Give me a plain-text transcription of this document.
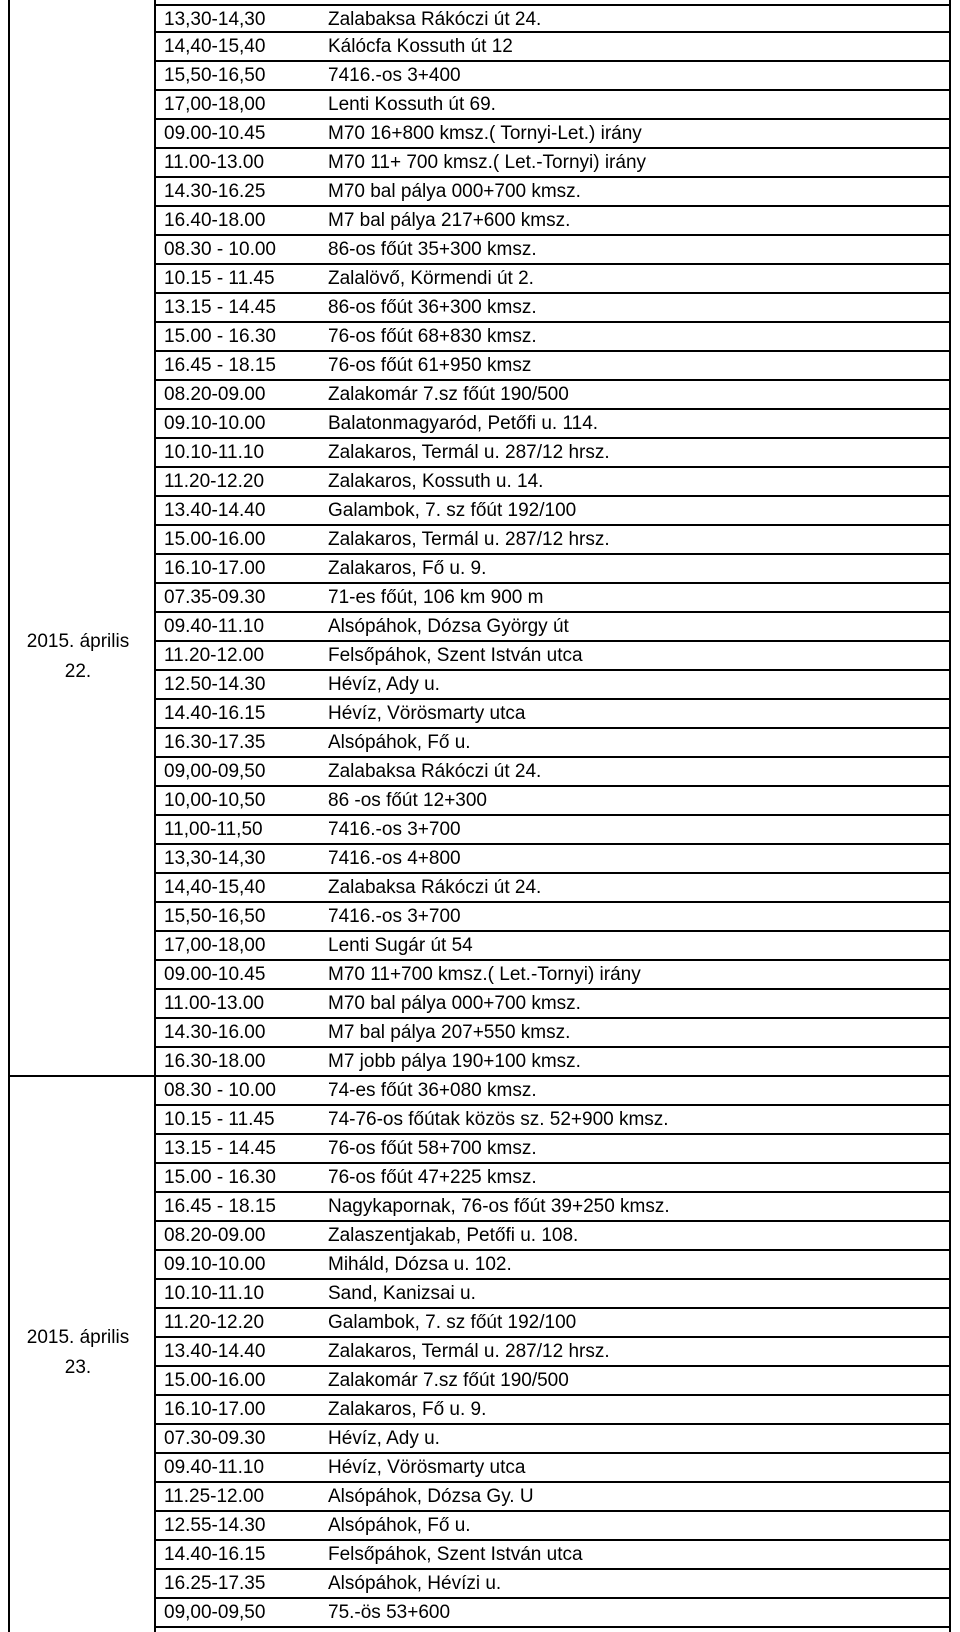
13,30-14,30	Zalabaksa Rákóczi út 24.
14,40-15,40	Kálócfa Kossuth út 12
15,50-16,50	7416.-os 3+400
17,00-18,00	Lenti Kossuth út 69.
09.00-10.45	M70 16+800 kmsz.( Tornyi-Let.) irány
11.00-13.00	M70 11+ 700 kmsz.( Let.-Tornyi) irány
14.30-16.25	M70 bal pálya 000+700 kmsz.
16.40-18.00	M7 bal pálya 217+600 kmsz.
08.30 - 10.00	86-os főút 35+300 kmsz.
10.15 - 11.45	Zalalövő, Körmendi út 2.
13.15 - 14.45	86-os főút 36+300 kmsz.
15.00 - 16.30	76-os főút 68+830 kmsz.
16.45 - 18.15	76-os főút 61+950 kmsz
08.20-09.00	Zalakomár 7.sz főút 190/500
09.10-10.00	Balatonmagyaród, Petőfi u. 114.
10.10-11.10	Zalakaros, Termál u. 287/12 hrsz.
11.20-12.20	Zalakaros, Kossuth u. 14.
13.40-14.40	Galambok, 7. sz főút 192/100
15.00-16.00	Zalakaros, Termál u. 287/12 hrsz.
16.10-17.00	Zalakaros, Fő u. 9.
07.35-09.30	71-es főút, 106 km 900 m
09.40-11.10	Alsópáhok, Dózsa György út
11.20-12.00	Felsőpáhok, Szent István utca
12.50-14.30	Hévíz, Ady u.
14.40-16.15	Hévíz, Vörösmarty utca
16.30-17.35	Alsópáhok, Fő u.
09,00-09,50	Zalabaksa Rákóczi út 24.
10,00-10,50	86 -os főút 12+300
11,00-11,50	7416.-os 3+700
13,30-14,30	7416.-os 4+800
14,40-15,40	Zalabaksa Rákóczi út 24.
15,50-16,50	7416.-os 3+700
17,00-18,00	Lenti Sugár út 54
09.00-10.45	M70 11+700 kmsz.( Let.-Tornyi) irány
11.00-13.00	M70 bal pálya 000+700 kmsz.
14.30-16.00	M7 bal pálya 207+550 kmsz.
16.30-18.00	M7 jobb pálya 190+100 kmsz.
2015. április
22.
08.30 - 10.00	74-es főút 36+080 kmsz.
10.15 - 11.45	74-76-os főútak közös sz. 52+900 kmsz.
13.15 - 14.45	76-os főút 58+700 kmsz.
15.00 - 16.30	76-os főút 47+225 kmsz.
16.45 - 18.15	Nagykapornak, 76-os főút 39+250 kmsz.
08.20-09.00	Zalaszentjakab, Petőfi u. 108.
09.10-10.00	Miháld, Dózsa u. 102.
10.10-11.10	Sand, Kanizsai u.
11.20-12.20	Galambok, 7. sz főút 192/100
13.40-14.40	Zalakaros, Termál u. 287/12 hrsz.
15.00-16.00	Zalakomár 7.sz főút 190/500
16.10-17.00	Zalakaros, Fő u. 9.
07.30-09.30	Hévíz, Ady u.
09.40-11.10	Hévíz, Vörösmarty utca
11.25-12.00	Alsópáhok, Dózsa Gy. U
12.55-14.30	Alsópáhok, Fő u.
14.40-16.15	Felsőpáhok, Szent István utca
16.25-17.35	Alsópáhok, Hévízi u.
09,00-09,50	75.-ös 53+600
2015. április
23.
